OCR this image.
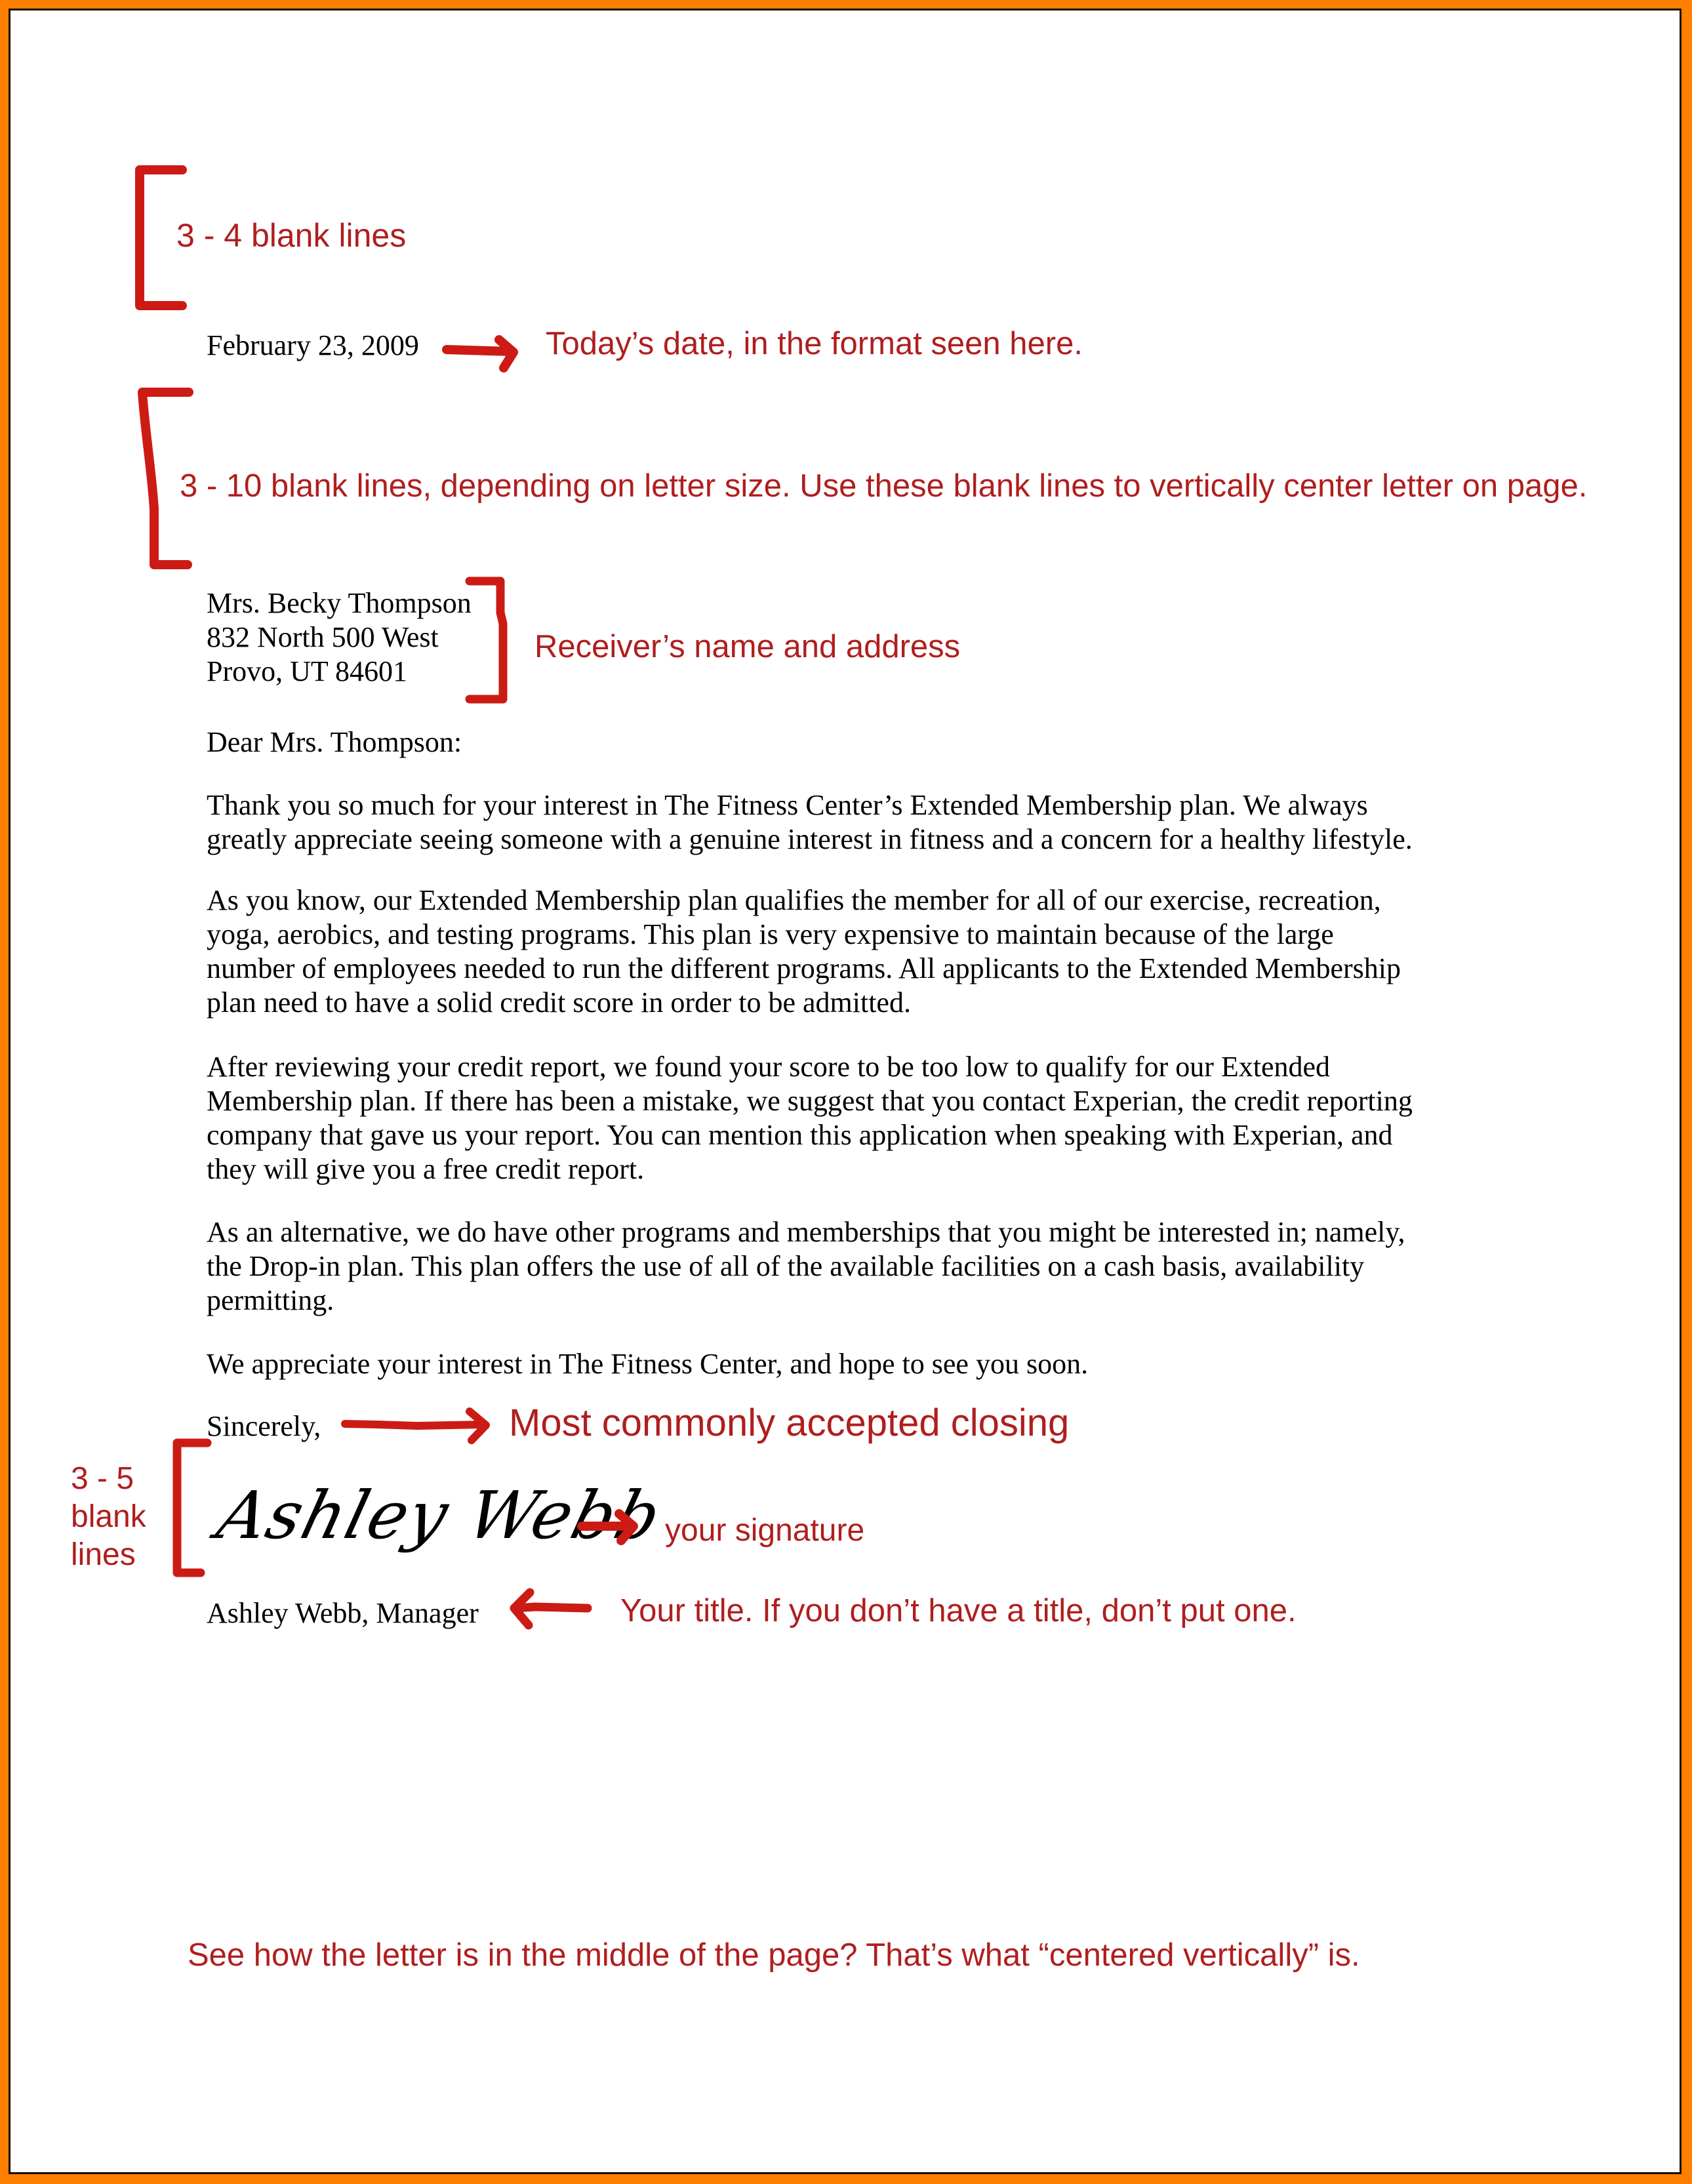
3 - 4 blank lines
February 23, 2009	Today’s date, in the format seen here.
3 - 10 blank lines, depending on letter size. Use these blank lines to vertically center letter on page.
Mrs. Becky Thompson
832 North 500 West
Provo, UT 84601
Receiver’s name and address
Dear Mrs. Thompson:
Thank you so much for your interest in The Fitness Center’s Extended Membership plan. We always
greatly appreciate seeing someone with a genuine interest in fitness and a concern for a healthy lifestyle.
As you know, our Extended Membership plan qualifies the member for all of our exercise, recreation,
yoga, aerobics, and testing programs. This plan is very expensive to maintain because of the large
number of employees needed to run the different programs. All applicants to the Extended Membership
plan need to have a solid credit score in order to be admitted.
After reviewing your credit report, we found your score to be too low to qualify for our Extended
Membership plan. If there has been a mistake, we suggest that you contact Experian, the credit reporting
company that gave us your report. You can mention this application when speaking with Experian, and
they will give you a free credit report.
As an alternative, we do have other programs and memberships that you might be interested in; namely,
the Drop-in plan. This plan offers the use of all of the available facilities on a cash basis, availability
permitting.
We appreciate your interest in The Fitness Center, and hope to see you soon.
Sincerely,	Most commonly accepted closing
3 - 5
blank
lines
Ashley Webb
your signature
Ashley Webb, Manager	Your title. If you don’t have a title, don’t put one.
See how the letter is in the middle of the page? That’s what “centered vertically” is.
